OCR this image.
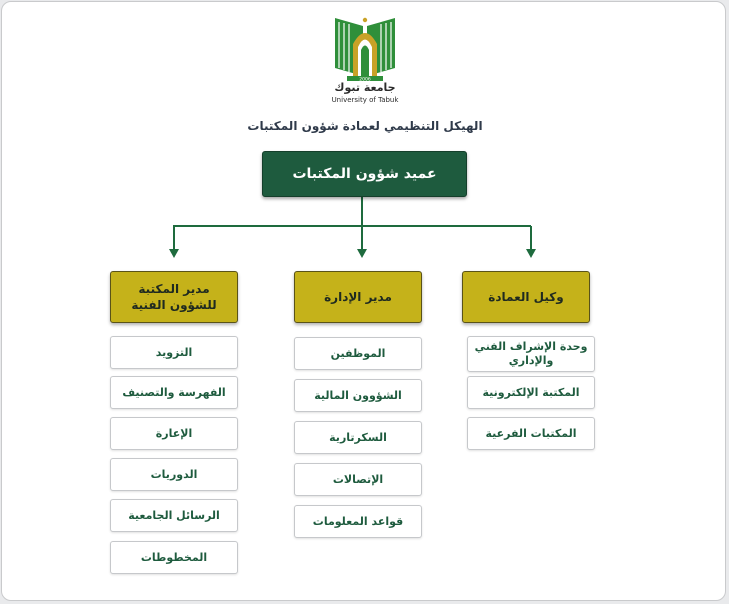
2006
جامعة تبوك
University of Tabuk
الهيكل التنظيمي لعمادة شؤون المكتبات
عميد شؤون المكتبات
وكيل العمادة
مدير الإدارة
مدير المكتبة
للشؤون الفنية
وحدة الإشراف الفني
والإداري
المكتبة الإلكترونية
المكتبات الفرعية
الموظفين
الشؤوون المالية
السكرتارية
الإتصالات
قواعد المعلومات
التزويد
الفهرسة والتصنيف
الإعارة
الدوريات
الرسائل الجامعية
المخطوطات
